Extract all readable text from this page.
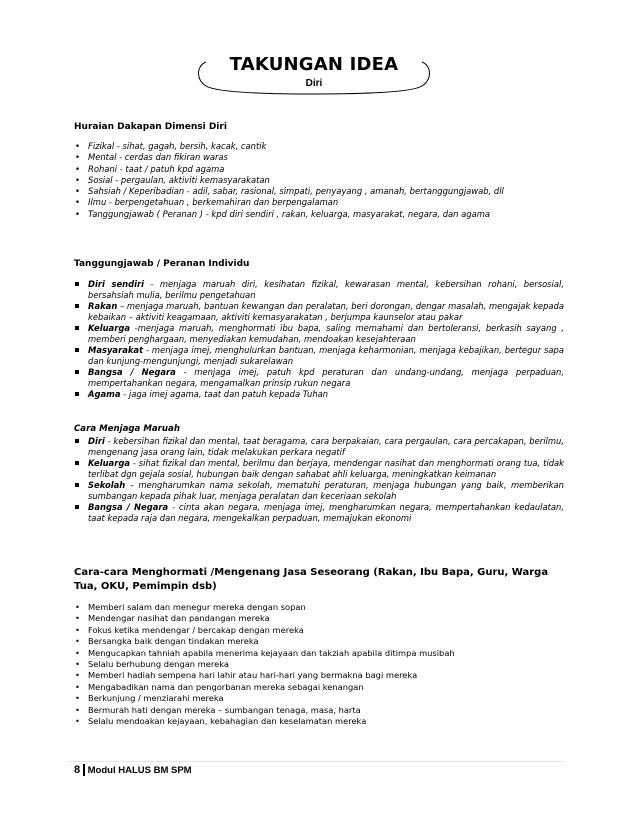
TAKUNGAN IDEA
Diri
Huraian Dakapan Dimensi Diri
• Fizikal - sihat, gagah, bersih, kacak, cantik
• Mental - cerdas dan fikiran waras
• Rohani - taat / patuh kpd agama
• Sosial - pergaulan, aktiviti kemasyarakatan
• Sahsiah / Keperibadian - adil, sabar, rasional, simpati, penyayang , amanah, bertanggungjawab, dll
• Ilmu - berpengetahuan , berkemahiran dan berpengalaman
• Tanggungjawab ( Peranan ) - kpd diri sendiri , rakan, keluarga, masyarakat, negara, dan agama
Tanggungjawab / Peranan Individu
Diri sendiri - menjaga maruah diri, kesihatan fizikal, kewarasan mental, kebersihan rohani, bersosial, bersahsiah mulia, berilmu pengetahuan
Rakan – menjaga maruah, bantuan kewangan dan peralatan, beri dorongan, dengar masalah, mengajak kepada kebaikan – aktiviti keagamaan, aktiviti kemasyarakatan , berjumpa kaunselor atau pakar
Keluarga -menjaga maruah, menghormati ibu bapa, saling memahami dan bertoleransi, berkasih sayang , memberi penghargaan, menyediakan kemudahan, mendoakan kesejahteraan
Masyarakat - menjaga imej, menghulurkan bantuan, menjaga keharmonian, menjaga kebajikan, bertegur sapa dan kunjung-mengunjungi, menjadi sukarelawan
Bangsa / Negara - menjaga imej, patuh kpd peraturan dan undang-undang, menjaga perpaduan, mempertahankan negara, mengamalkan prinsip rukun negara
Agama - jaga imej agama, taat dan patuh kepada Tuhan
Cara Menjaga Maruah
Diri - kebersihan fizikal dan mental, taat beragama, cara berpakaian, cara pergaulan, cara percakapan, berilmu, mengenang jasa orang lain, tidak melakukan perkara negatif
Keluarga - sihat fizikal dan mental, berilmu dan berjaya, mendengar nasihat dan menghormati orang tua, tidak terlibat dgn gejala sosial, hubungan baik dengan sahabat ahli keluarga, meningkatkan keimanan
Sekolah – mengharumkan nama sekolah, mematuhi peraturan, menjaga hubungan yang baik, memberikan sumbangan kepada pihak luar, menjaga peralatan dan keceriaan sekolah
Bangsa / Negara - cinta akan negara, menjaga imej, mengharumkan negara, mempertahankan kedaulatan, taat kepada raja dan negara, mengekalkan perpaduan, memajukan ekonomi
Cara-cara Menghormati /Mengenang Jasa Seseorang (Rakan, Ibu Bapa, Guru, Warga Tua, OKU, Pemimpin dsb)
• Memberi salam dan menegur mereka dengan sopan
• Mendengar nasihat dan pandangan mereka
• Fokus ketika mendengar / bercakap dengan mereka
• Bersangka baik dengan tindakan mereka
• Mengucapkan tahniah apabila menerima kejayaan dan takziah apabila ditimpa musibah
• Selalu berhubung dengan mereka
• Memberi hadiah sempena hari lahir atau hari-hari yang bermakna bagi mereka
• Mengabadikan nama dan pengorbanan mereka sebagai kenangan
• Berkunjung / menziarahi mereka
• Bermurah hati dengan mereka – sumbangan tenaga, masa, harta
• Selalu mendoakan kejayaan, kebahagian dan keselamatan mereka
8 Modul HALUS BM SPM
